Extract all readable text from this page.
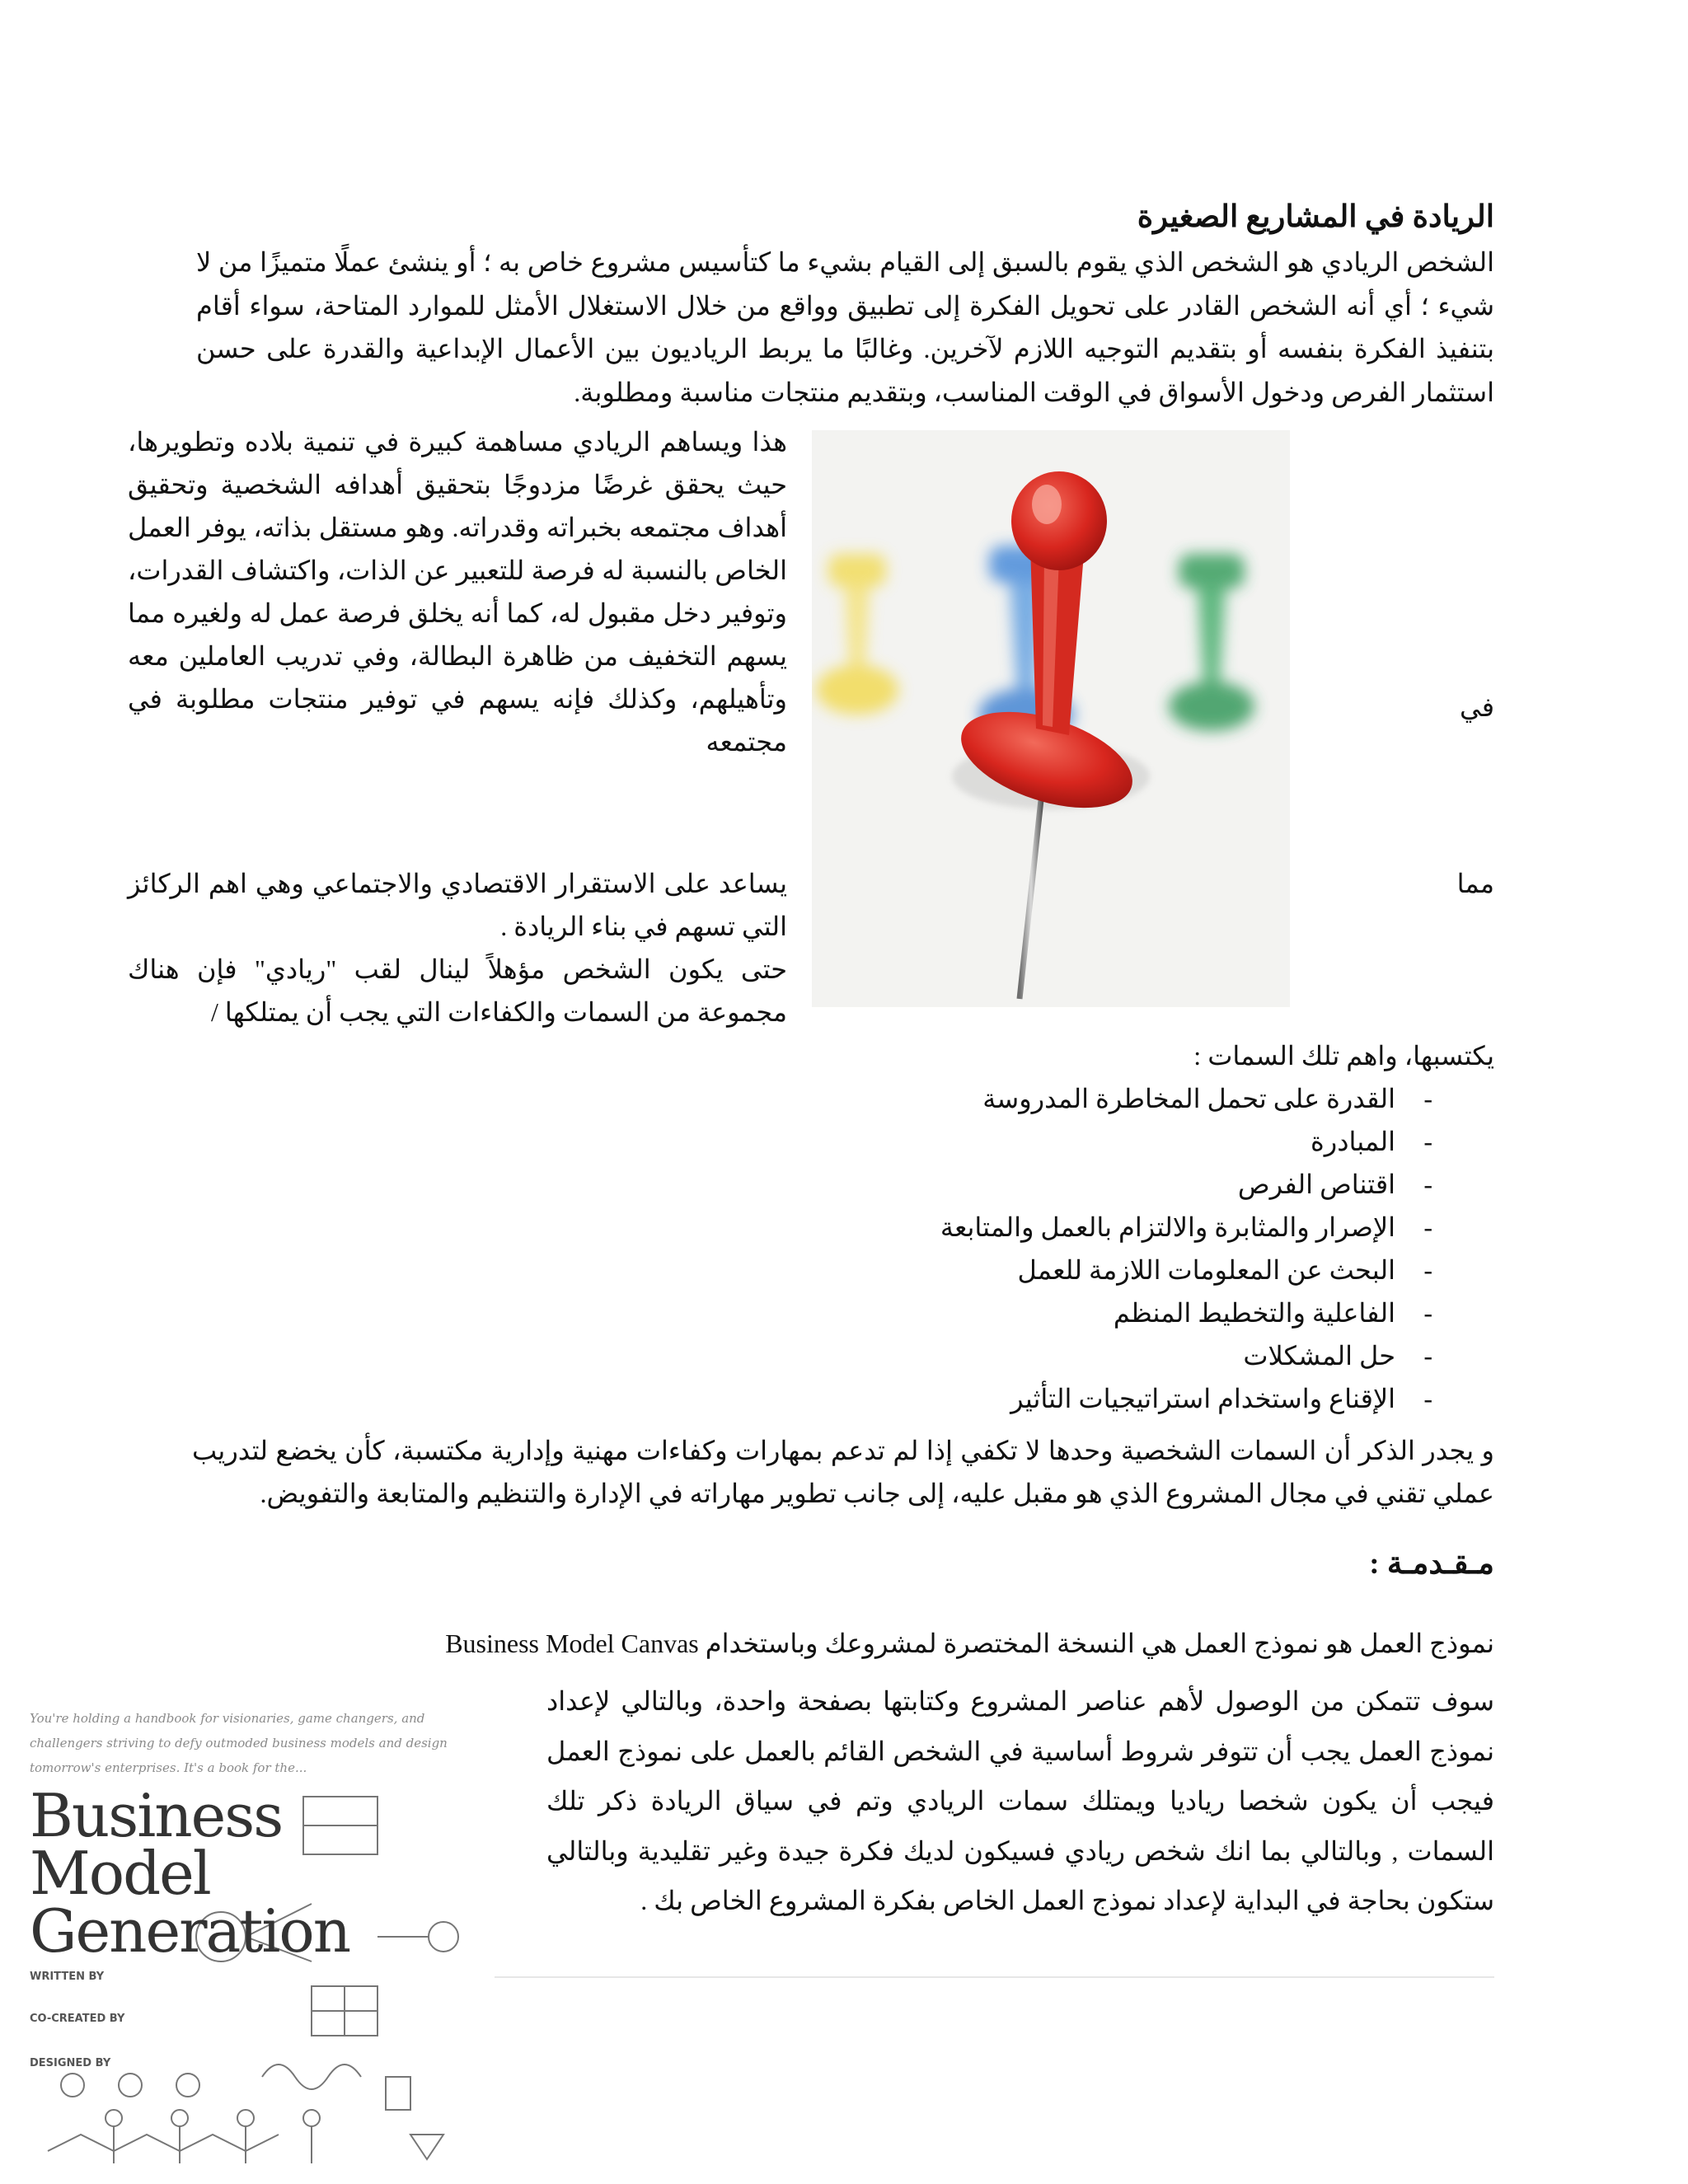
الريادة في المشاريع الصغيرة
الشخص الريادي هو الشخص الذي يقوم بالسبق إلى القيام بشيء ما كتأسيس مشروع خاص به ؛ أو ينشئ عملًا متميزًا من لا شيء ؛ أي أنه الشخص القادر على تحويل الفكرة إلى تطبيق وواقع من خلال الاستغلال الأمثل للموارد المتاحة، سواء أقام بتنفيذ الفكرة بنفسه أو بتقديم التوجيه اللازم لآخرين. وغالبًا ما يربط الرياديون بين الأعمال الإبداعية والقدرة على حسن استثمار الفرص ودخول الأسواق في الوقت المناسب، وبتقديم منتجات مناسبة ومطلوبة.
هذا ويساهم الريادي مساهمة كبيرة في تنمية بلاده وتطويرها، حيث يحقق غرضًا مزدوجًا بتحقيق أهدافه الشخصية وتحقيق أهداف مجتمعه بخبراته وقدراته. وهو مستقل بذاته، يوفر العمل الخاص بالنسبة له فرصة للتعبير عن الذات، واكتشاف القدرات، وتوفير دخل مقبول له، كما أنه يخلق فرصة عمل له ولغيره مما يسهم التخفيف من ظاهرة البطالة، وفي تدريب العاملين معه وتأهيلهم، وكذلك فإنه يسهم في توفير منتجات مطلوبة في مجتمعه
في
يساعد على الاستقرار الاقتصادي والاجتماعي وهي اهم الركائز التي تسهم في بناء الريادة .
مما
حتى يكون الشخص مؤهلاً لينال لقب "ريادي" فإن هناك مجموعة من السمات والكفاءات التي يجب أن يمتلكها /
يكتسبها، واهم تلك السمات :
-
القدرة على تحمل المخاطرة المدروسة
-
المبادرة
-
اقتناص الفرص
-
الإصرار والمثابرة والالتزام بالعمل والمتابعة
-
البحث عن المعلومات اللازمة للعمل
-
الفاعلية والتخطيط المنظم
-
حل المشكلات
-
الإقناع واستخدام استراتيجيات التأثير
و يجدر الذكر أن السمات الشخصية وحدها لا تكفي إذا لم تدعم بمهارات وكفاءات مهنية وإدارية مكتسبة، كأن يخضع لتدريب عملي تقني في مجال المشروع الذي هو مقبل عليه، إلى جانب تطوير مهاراته في الإدارة والتنظيم والمتابعة والتفويض.
مـقـدمـة :
نموذج العمل هو نموذج العمل هي النسخة المختصرة لمشروعك وباستخدام Business Model Canvas
سوف تتمكن من الوصول لأهم عناصر المشروع وكتابتها بصفحة واحدة، وبالتالي لإعداد نموذج العمل يجب أن تتوفر شروط أساسية في الشخص القائم بالعمل على نموذج العمل فيجب أن يكون شخصا رياديا ويمتلك سمات الريادي وتم في سياق الريادة ذكر تلك السمات , وبالتالي بما انك شخص ريادي فسيكون لديك فكرة جيدة وغير تقليدية وبالتالي ستكون بحاجة في البداية لإعداد نموذج العمل الخاص بفكرة المشروع الخاص بك .
You're holding a handbook for visionaries, game changers, and challengers striving to defy outmoded business models and design tomorrow's enterprises. It's a book for the...
Business
Model
Generation
WRITTEN BY
CO-CREATED BY
DESIGNED BY
